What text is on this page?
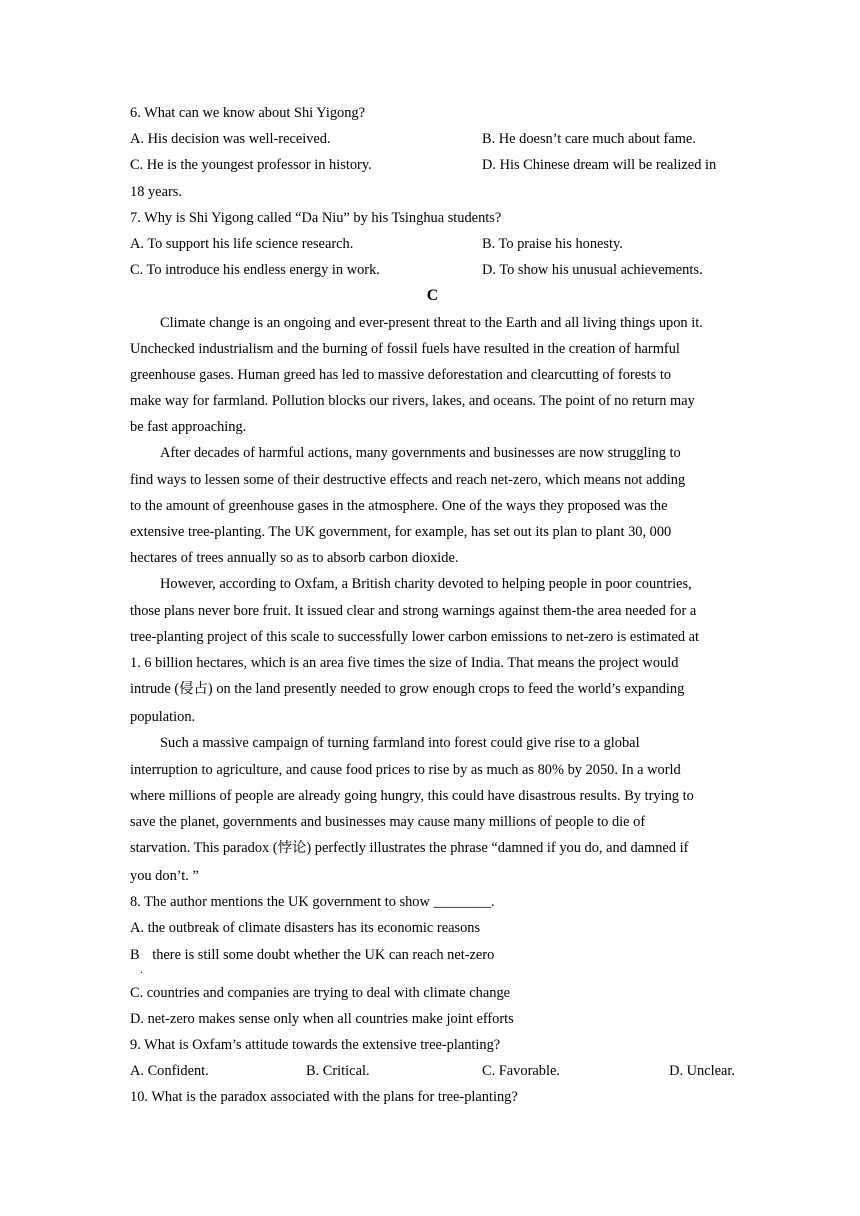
6. What can we know about Shi Yigong?
A. His decision was well-received.	B. He doesn’t care much about fame.
C. He is the youngest professor in history.	D. His Chinese dream will be realized in
18 years.
7. Why is Shi Yigong called “Da Niu” by his Tsinghua students?
A. To support his life science research.	B. To praise his honesty.
C. To introduce his endless energy in work.	D. To show his unusual achievements.
C
Climate change is an ongoing and ever-present threat to the Earth and all living things upon it.
Unchecked industrialism and the burning of fossil fuels have resulted in the creation of harmful
greenhouse gases. Human greed has led to massive deforestation and clearcutting of forests to
make way for farmland. Pollution blocks our rivers, lakes, and oceans. The point of no return may
be fast approaching.
After decades of harmful actions, many governments and businesses are now struggling to
find ways to lessen some of their destructive effects and reach net-zero, which means not adding
to the amount of greenhouse gases in the atmosphere. One of the ways they proposed was the
extensive tree-planting. The UK government, for example, has set out its plan to plant 30, 000
hectares of trees annually so as to absorb carbon dioxide.
However, according to Oxfam, a British charity devoted to helping people in poor countries,
those plans never bore fruit. It issued clear and strong warnings against them-the area needed for a
tree-planting project of this scale to successfully lower carbon emissions to net-zero is estimated at
1. 6 billion hectares, which is an area five times the size of India. That means the project would
intrude (侵占) on the land presently needed to grow enough crops to feed the world’s expanding
population.
Such a massive campaign of turning farmland into forest could give rise to a global
interruption to agriculture, and cause food prices to rise by as much as 80% by 2050. In a world
where millions of people are already going hungry, this could have disastrous results. By trying to
save the planet, governments and businesses may cause many millions of people to die of
starvation. This paradox (悖论) perfectly illustrates the phrase “damned if you do, and damned if
you don’t. ”
8. The author mentions the UK government to show ________.
A. the outbreak of climate disasters has its economic reasons
B
.
there is still some doubt whether the UK can reach net-zero
C. countries and companies are trying to deal with climate change
D. net-zero makes sense only when all countries make joint efforts
9. What is Oxfam’s attitude towards the extensive tree-planting?
A. Confident.	B. Critical.	C. Favorable.	D. Unclear.
10. What is the paradox associated with the plans for tree-planting?
